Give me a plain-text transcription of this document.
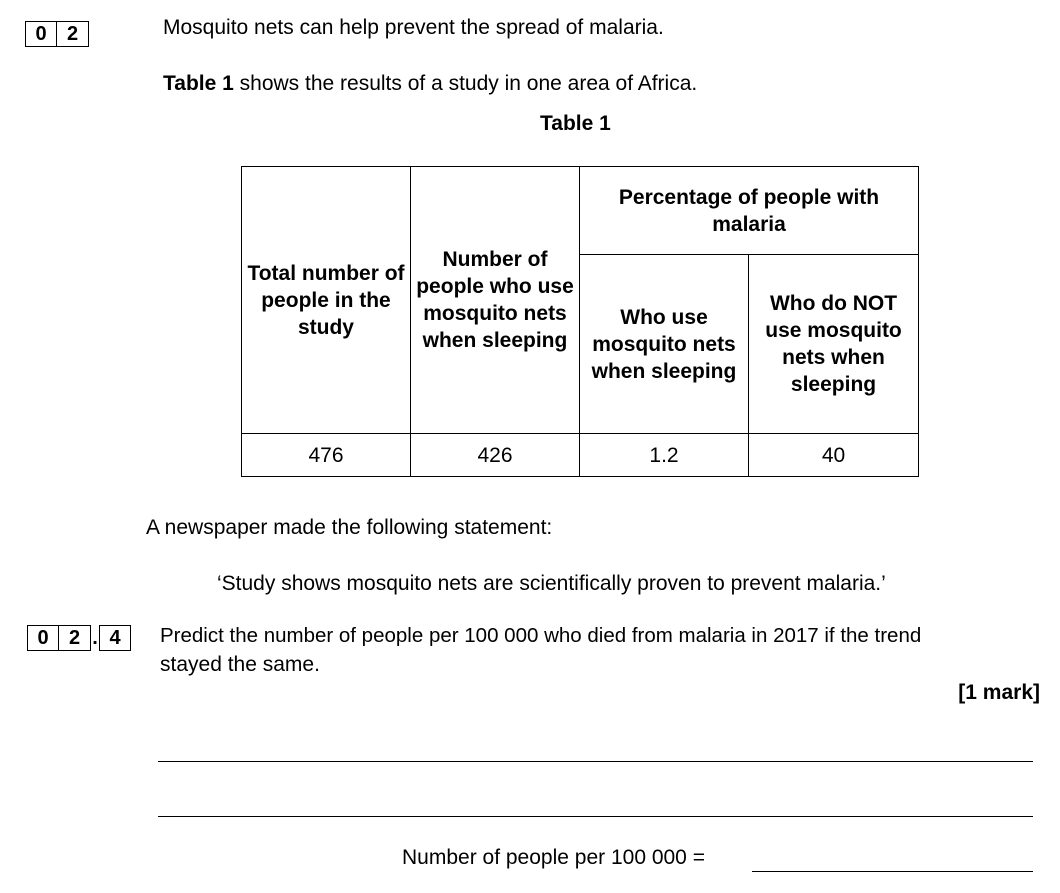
0	2	Mosquito nets can help prevent the spread of malaria.
Table 1 shows the results of a study in one area of Africa.
Table 1
Total number of people in the study	Number of people who use mosquito nets when sleeping	Percentage of people with malaria	
		Who use mosquito nets when sleeping	Who do NOT use mosquito nets when sleeping
476	426	1.2	40
A newspaper made the following statement:
‘Study shows mosquito nets are scientifically proven to prevent malaria.’
0	2 . 4	Predict the number of people per 100 000 who died from malaria in 2017 if the trend
stayed the same.
[1 mark]
Number of people per 100 000 =
